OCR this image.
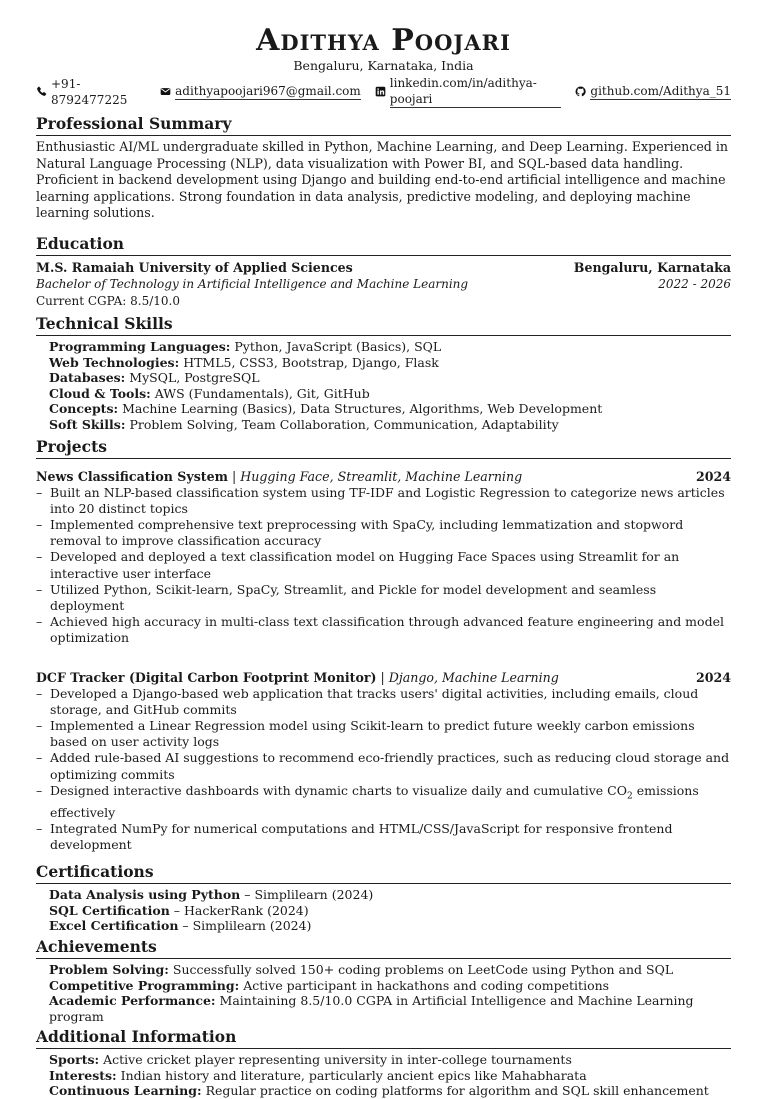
Adithya Poojari
Bengaluru, Karnataka, India
+91-8792477225
adithyapoojari967@gmail.com
linkedin.com/in/adithya-poojari
github.com/Adithya_51
Professional Summary
Enthusiastic AI/ML undergraduate skilled in Python, Machine Learning, and Deep Learning. Experienced in Natural Language Processing (NLP), data visualization with Power BI, and SQL-based data handling. Proficient in backend development using Django and building end-to-end artificial intelligence and machine learning applications. Strong foundation in data analysis, predictive modeling, and deploying machine learning solutions.
Education
M.S. Ramaiah University of Applied Sciences	Bengaluru, Karnataka
Bachelor of Technology in Artificial Intelligence and Machine Learning	2022 - 2026
Current CGPA: 8.5/10.0
Technical Skills
Programming Languages: Python, JavaScript (Basics), SQL
Web Technologies: HTML5, CSS3, Bootstrap, Django, Flask
Databases: MySQL, PostgreSQL
Cloud & Tools: AWS (Fundamentals), Git, GitHub
Concepts: Machine Learning (Basics), Data Structures, Algorithms, Web Development
Soft Skills: Problem Solving, Team Collaboration, Communication, Adaptability
Projects
News Classification System | Hugging Face, Streamlit, Machine Learning	2024
– Built an NLP-based classification system using TF-IDF and Logistic Regression to categorize news articles into 20 distinct topics
– Implemented comprehensive text preprocessing with SpaCy, including lemmatization and stopword removal to improve classification accuracy
– Developed and deployed a text classification model on Hugging Face Spaces using Streamlit for an interactive user interface
– Utilized Python, Scikit-learn, SpaCy, Streamlit, and Pickle for model development and seamless deployment
– Achieved high accuracy in multi-class text classification through advanced feature engineering and model optimization
DCF Tracker (Digital Carbon Footprint Monitor) | Django, Machine Learning	2024
– Developed a Django-based web application that tracks users' digital activities, including emails, cloud storage, and GitHub commits
– Implemented a Linear Regression model using Scikit-learn to predict future weekly carbon emissions based on user activity logs
– Added rule-based AI suggestions to recommend eco-friendly practices, such as reducing cloud storage and optimizing commits
– Designed interactive dashboards with dynamic charts to visualize daily and cumulative $CO_2$ emissions effectively
– Integrated NumPy for numerical computations and HTML/CSS/JavaScript for responsive frontend development
Certifications
Data Analysis using Python – Simplilearn (2024)
SQL Certification – HackerRank (2024)
Excel Certification – Simplilearn (2024)
Achievements
Problem Solving: Successfully solved 150+ coding problems on LeetCode using Python and SQL
Competitive Programming: Active participant in hackathons and coding competitions
Academic Performance: Maintaining 8.5/10.0 CGPA in Artificial Intelligence and Machine Learning program
Additional Information
Sports: Active cricket player representing university in inter-college tournaments
Interests: Indian history and literature, particularly ancient epics like Mahabharata
Continuous Learning: Regular practice on coding platforms for algorithm and SQL skill enhancement
